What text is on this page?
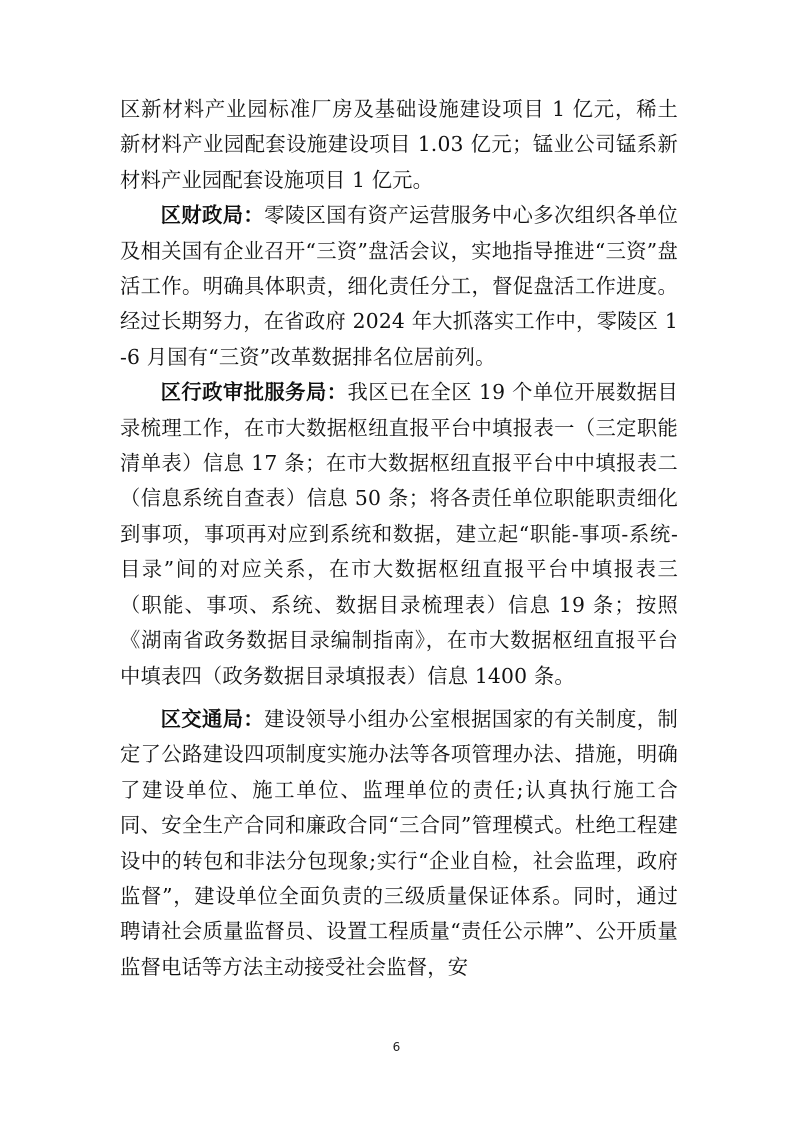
区新材料产业园标准厂房及基础设施建设项目 1 亿元，稀土新材料产业园配套设施建设项目 1.03 亿元；锰业公司锰系新材料产业园配套设施项目 1 亿元。

区财政局：零陵区国有资产运营服务中心多次组织各单位及相关国有企业召开“三资”盘活会议，实地指导推进“三资”盘活工作。明确具体职责，细化责任分工，督促盘活工作进度。经过长期努力，在省政府 2024 年大抓落实工作中，零陵区 1-6 月国有“三资”改革数据排名位居前列。

区行政审批服务局：我区已在全区 19 个单位开展数据目录梳理工作，在市大数据枢纽直报平台中填报表一（三定职能清单表）信息 17 条；在市大数据枢纽直报平台中中填报表二（信息系统自查表）信息 50 条；将各责任单位职能职责细化到事项，事项再对应到系统和数据，建立起“职能-事项-系统-目录”间的对应关系，在市大数据枢纽直报平台中填报表三（职能、事项、系统、数据目录梳理表）信息 19 条；按照《湖南省政务数据目录编制指南》，在市大数据枢纽直报平台中填表四（政务数据目录填报表）信息 1400 条。

区交通局：建设领导小组办公室根据国家的有关制度，制定了公路建设四项制度实施办法等各项管理办法、措施，明确了建设单位、施工单位、监理单位的责任;认真执行施工合同、安全生产合同和廉政合同“三合同”管理模式。杜绝工程建设中的转包和非法分包现象;实行“企业自检，社会监理，政府监督”，建设单位全面负责的三级质量保证体系。同时，通过聘请社会质量监督员、设置工程质量“责任公示牌”、公开质量监督电话等方法主动接受社会监督，安

6
